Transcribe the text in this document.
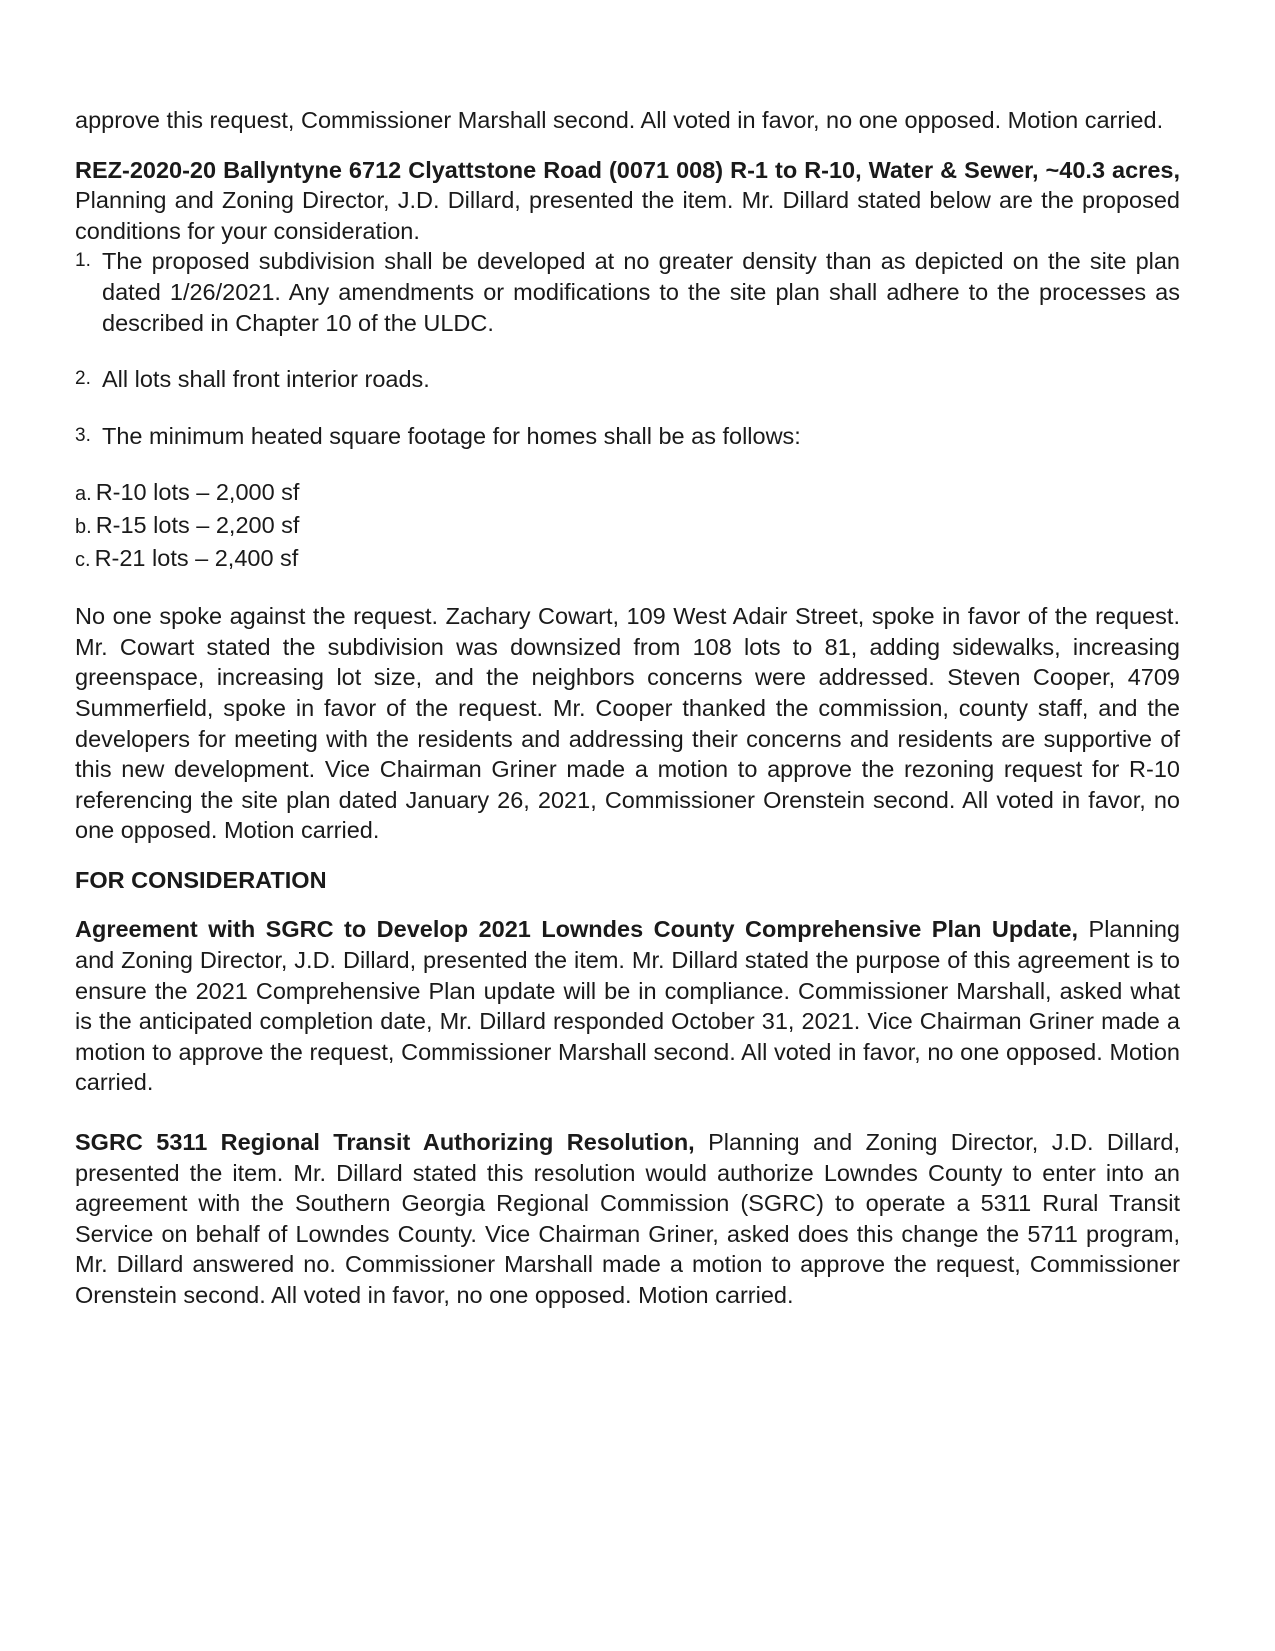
approve this request, Commissioner Marshall second. All voted in favor, no one opposed. Motion carried.

REZ-2020-20 Ballyntyne 6712 Clyattstone Road (0071 008) R-1 to R-10, Water & Sewer, ~40.3 acres, Planning and Zoning Director, J.D. Dillard, presented the item. Mr. Dillard stated below are the proposed conditions for your consideration.

1. The proposed subdivision shall be developed at no greater density than as depicted on the site plan dated 1/26/2021. Any amendments or modifications to the site plan shall adhere to the processes as described in Chapter 10 of the ULDC.
2. All lots shall front interior roads.
3. The minimum heated square footage for homes shall be as follows:

a. R-10 lots – 2,000 sf

b. R-15 lots – 2,200 sf

c. R-21 lots – 2,400 sf

No one spoke against the request. Zachary Cowart, 109 West Adair Street, spoke in favor of the request. Mr. Cowart stated the subdivision was downsized from 108 lots to 81, adding sidewalks, increasing greenspace, increasing lot size, and the neighbors concerns were addressed. Steven Cooper, 4709 Summerfield, spoke in favor of the request. Mr. Cooper thanked the commission, county staff, and the developers for meeting with the residents and addressing their concerns and residents are supportive of this new development. Vice Chairman Griner made a motion to approve the rezoning request for R-10 referencing the site plan dated January 26, 2021, Commissioner Orenstein second. All voted in favor, no one opposed. Motion carried.

FOR CONSIDERATION

Agreement with SGRC to Develop 2021 Lowndes County Comprehensive Plan Update, Planning and Zoning Director, J.D. Dillard, presented the item. Mr. Dillard stated the purpose of this agreement is to ensure the 2021 Comprehensive Plan update will be in compliance. Commissioner Marshall, asked what is the anticipated completion date, Mr. Dillard responded October 31, 2021. Vice Chairman Griner made a motion to approve the request, Commissioner Marshall second. All voted in favor, no one opposed. Motion carried.

SGRC 5311 Regional Transit Authorizing Resolution, Planning and Zoning Director, J.D. Dillard, presented the item. Mr. Dillard stated this resolution would authorize Lowndes County to enter into an agreement with the Southern Georgia Regional Commission (SGRC) to operate a 5311 Rural Transit Service on behalf of Lowndes County. Vice Chairman Griner, asked does this change the 5711 program, Mr. Dillard answered no. Commissioner Marshall made a motion to approve the request, Commissioner Orenstein second. All voted in favor, no one opposed. Motion carried.
